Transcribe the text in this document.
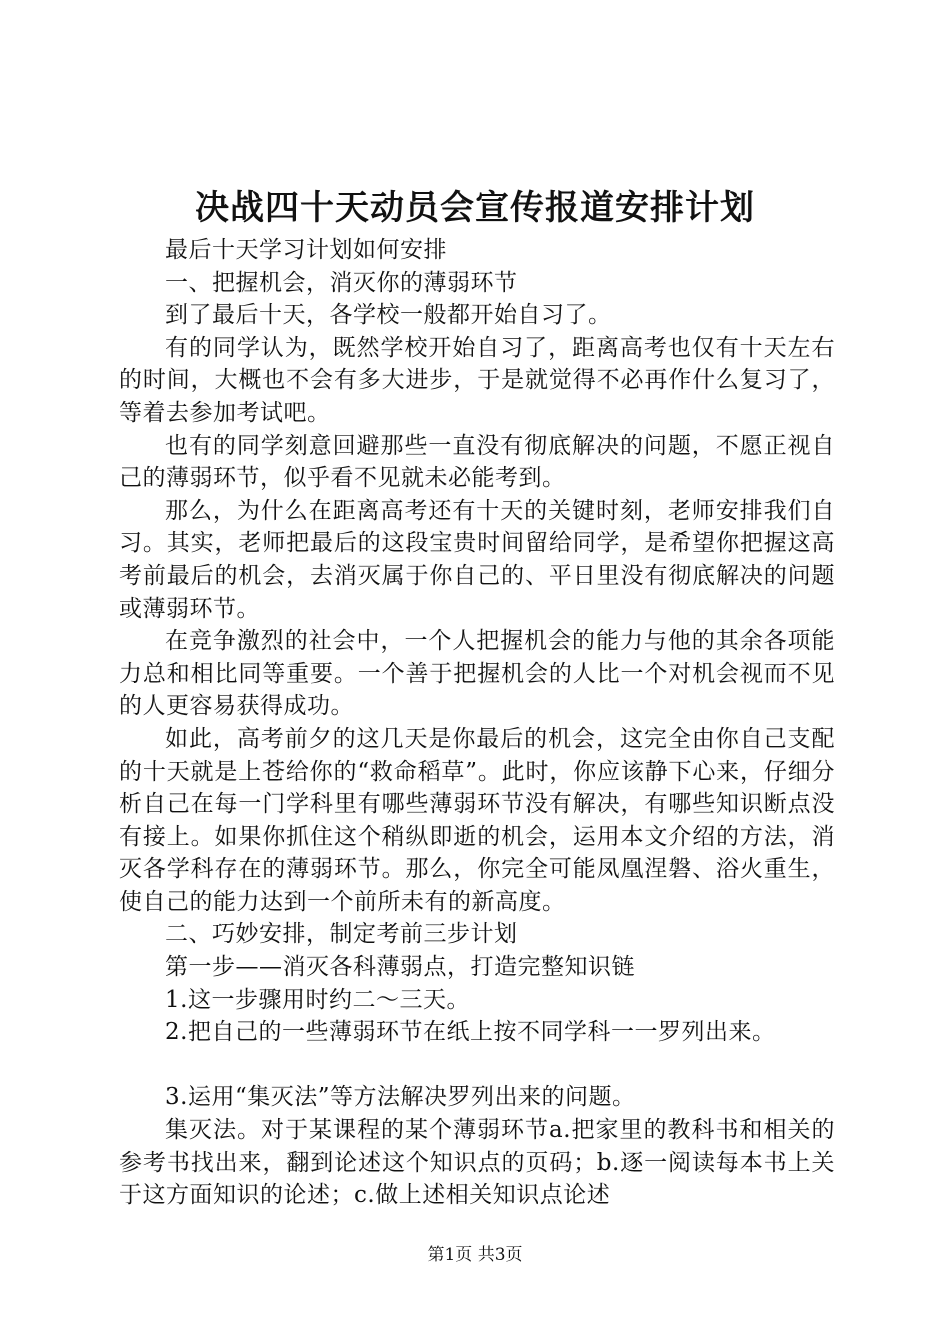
决战四十天动员会宣传报道安排计划

最后十天学习计划如何安排

一、把握机会，消灭你的薄弱环节

到了最后十天，各学校一般都开始自习了。

有的同学认为，既然学校开始自习了，距离高考也仅有十天左右的时间，大概也不会有多大进步，于是就觉得不必再作什么复习了，等着去参加考试吧。

也有的同学刻意回避那些一直没有彻底解决的问题，不愿正视自己的薄弱环节，似乎看不见就未必能考到。

那么，为什么在距离高考还有十天的关键时刻，老师安排我们自习。其实，老师把最后的这段宝贵时间留给同学，是希望你把握这高考前最后的机会，去消灭属于你自己的、平日里没有彻底解决的问题或薄弱环节。

在竞争激烈的社会中，一个人把握机会的能力与他的其余各项能力总和相比同等重要。一个善于把握机会的人比一个对机会视而不见的人更容易获得成功。

如此，高考前夕的这几天是你最后的机会，这完全由你自己支配的十天就是上苍给你的“救命稻草”。此时，你应该静下心来，仔细分析自己在每一门学科里有哪些薄弱环节没有解决，有哪些知识断点没有接上。如果你抓住这个稍纵即逝的机会，运用本文介绍的方法，消灭各学科存在的薄弱环节。那么，你完全可能凤凰涅磐、浴火重生，使自己的能力达到一个前所未有的新高度。

二、巧妙安排，制定考前三步计划

第一步——消灭各科薄弱点，打造完整知识链

1.这一步骤用时约二～三天。

2.把自己的一些薄弱环节在纸上按不同学科一一罗列出来。

3.运用“集灭法”等方法解决罗列出来的问题。

集灭法。对于某课程的某个薄弱环节a.把家里的教科书和相关的参考书找出来，翻到论述这个知识点的页码；b.逐一阅读每本书上关于这方面知识的论述；c.做上述相关知识点论述

第1页 共3页
